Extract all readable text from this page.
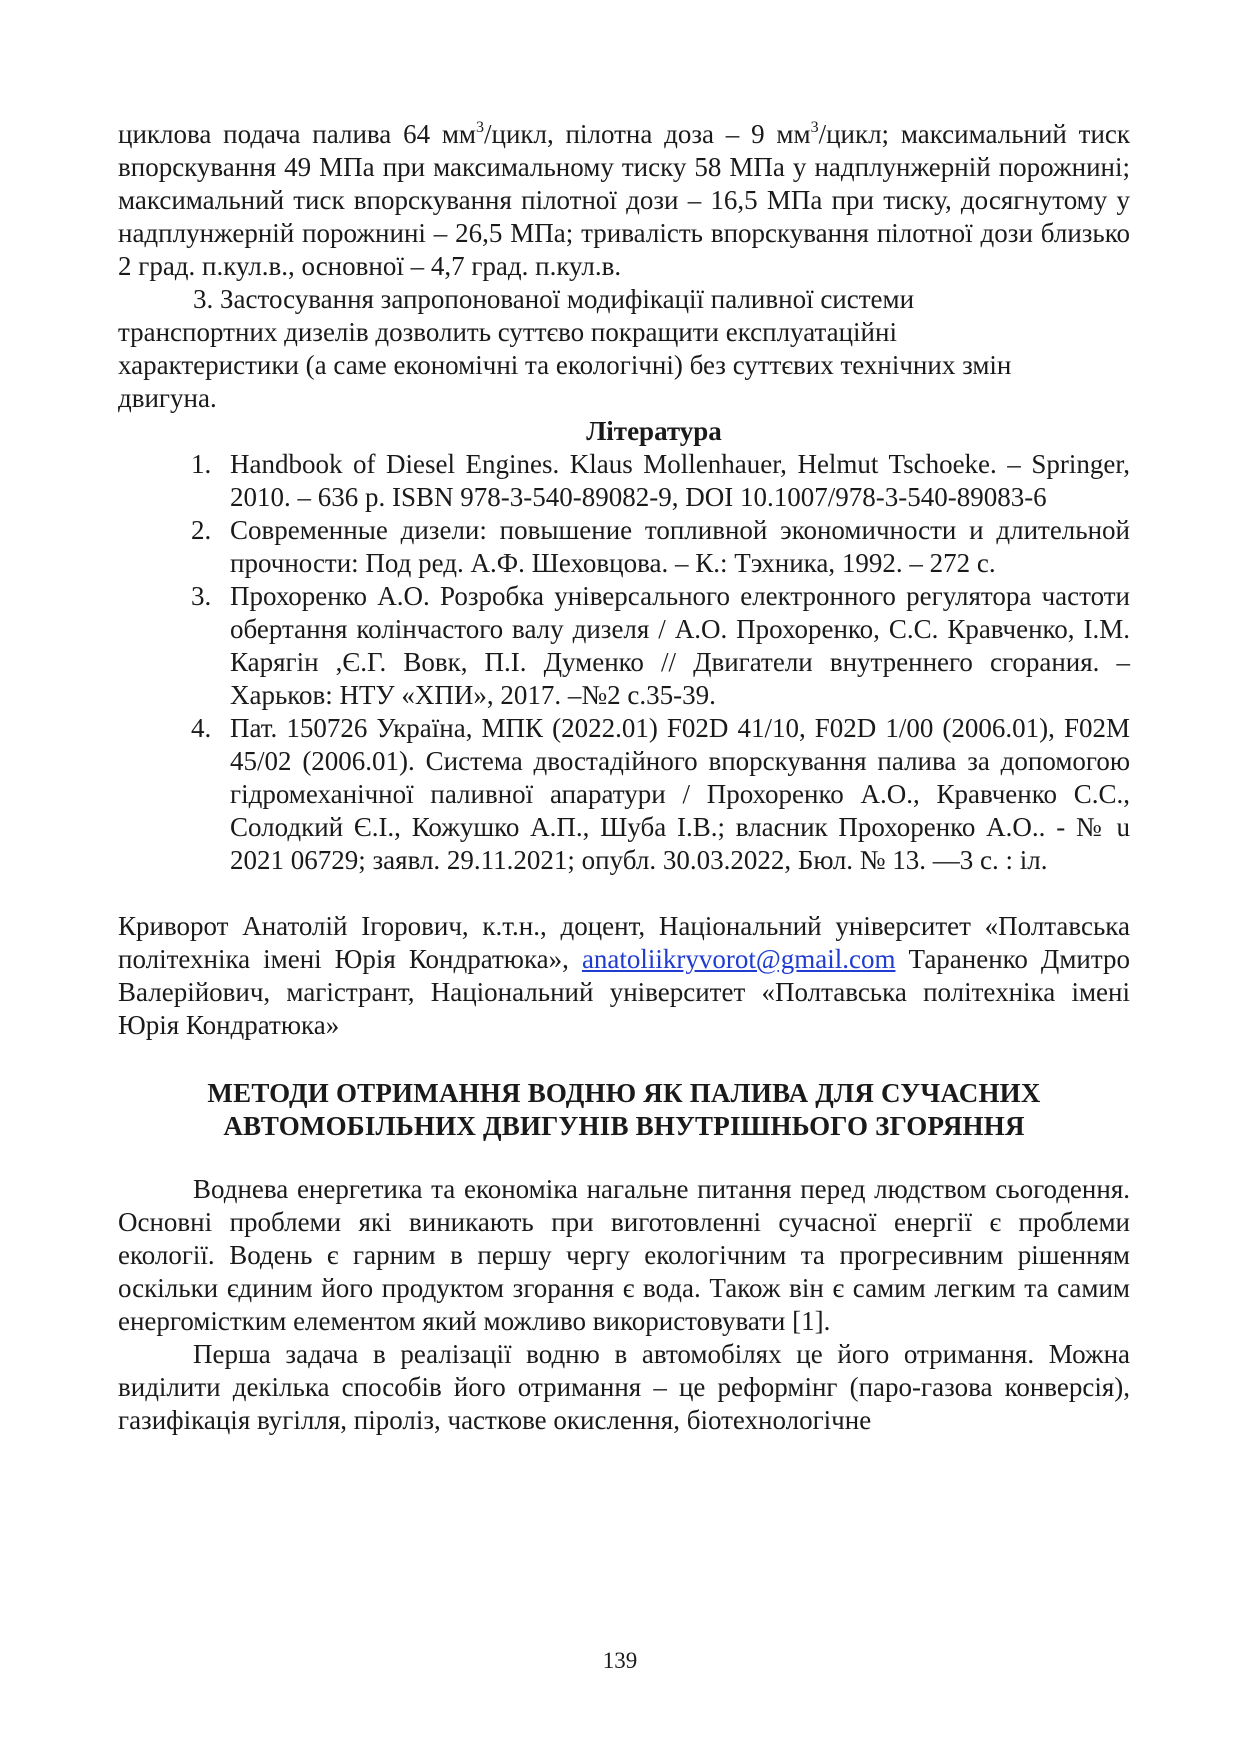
циклова подача палива 64 $мм^3$/цикл, пілотна доза – 9 $мм^3$/цикл; максимальний тиск впорскування 49 МПа при максимальному тиску 58 МПа у надплунжерній порожнині; максимальний тиск впорскування пілотної дози – 16,5 МПа при тиску, досягнутому у надплунжерній порожнині – 26,5 МПа; тривалість впорскування пілотної дози близько 2 град. п.кул.в., основної – 4,7 град. п.кул.в.

3. Застосування запропонованої модифікації паливної системи транспортних дизелів дозволить суттєво покращити експлуатаційні характеристики (а саме економічні та екологічні) без суттєвих технічних змін двигуна.

Література
1. Handbook of Diesel Engines. Klaus Mollenhauer, Helmut Tschoeke. – Springer, 2010. – 636 p. ISBN 978-3-540-89082-9, DOI 10.1007/978-3-540-89083-6
2. Современные дизели: повышение топливной экономичности и длительной прочности: Под ред. А.Ф. Шеховцова. – К.: Тэхника, 1992. – 272 с.
3. Прохоренко А.О. Розробка універсального електронного регулятора частоти обертання колінчастого валу дизеля / А.О. Прохоренко, С.С. Кравченко, І.М. Карягін ,Є.Г. Вовк, П.І. Думенко // Двигатели внутреннего сгорания. – Харьков: НТУ «ХПИ», 2017. –№2 с.35-39.
4. Пат. 150726 Україна, МПК (2022.01) F02D 41/10, F02D 1/00 (2006.01), F02M 45/02 (2006.01). Система двостадійного впорскування палива за допомогою гідромеханічної паливної апаратури / Прохоренко А.О., Кравченко С.С., Солодкий Є.І., Кожушко А.П., Шуба І.В.; власник Прохоренко А.О.. - № u 2021 06729; заявл. 29.11.2021; опубл. 30.03.2022, Бюл. № 13. —3 с. : іл.

Криворот Анатолій Ігорович, к.т.н., доцент, Національний університет «Полтавська політехніка імені Юрія Кондратюка», anatoliikryvorot@gmail.com Тараненко Дмитро Валерійович, магістрант, Національний університет «Полтавська політехніка імені Юрія Кондратюка»

МЕТОДИ ОТРИМАННЯ ВОДНЮ ЯК ПАЛИВА ДЛЯ СУЧАСНИХ
АВТОМОБІЛЬНИХ ДВИГУНІВ ВНУТРІШНЬОГО ЗГОРЯННЯ

Воднева енергетика та економіка нагальне питання перед людством сьогодення. Основні проблеми які виникають при виготовленні сучасної енергії є проблеми екології. Водень є гарним в першу чергу екологічним та прогресивним рішенням оскільки єдиним його продуктом згорання є вода. Також він є самим легким та самим енергомістким елементом який можливо використовувати [1].

Перша задача в реалізації водню в автомобілях це його отримання. Можна виділити декілька способів його отримання – це реформінг (паро-газова конверсія), газифікація вугілля, піроліз, часткове окислення, біотехнологічне

139
